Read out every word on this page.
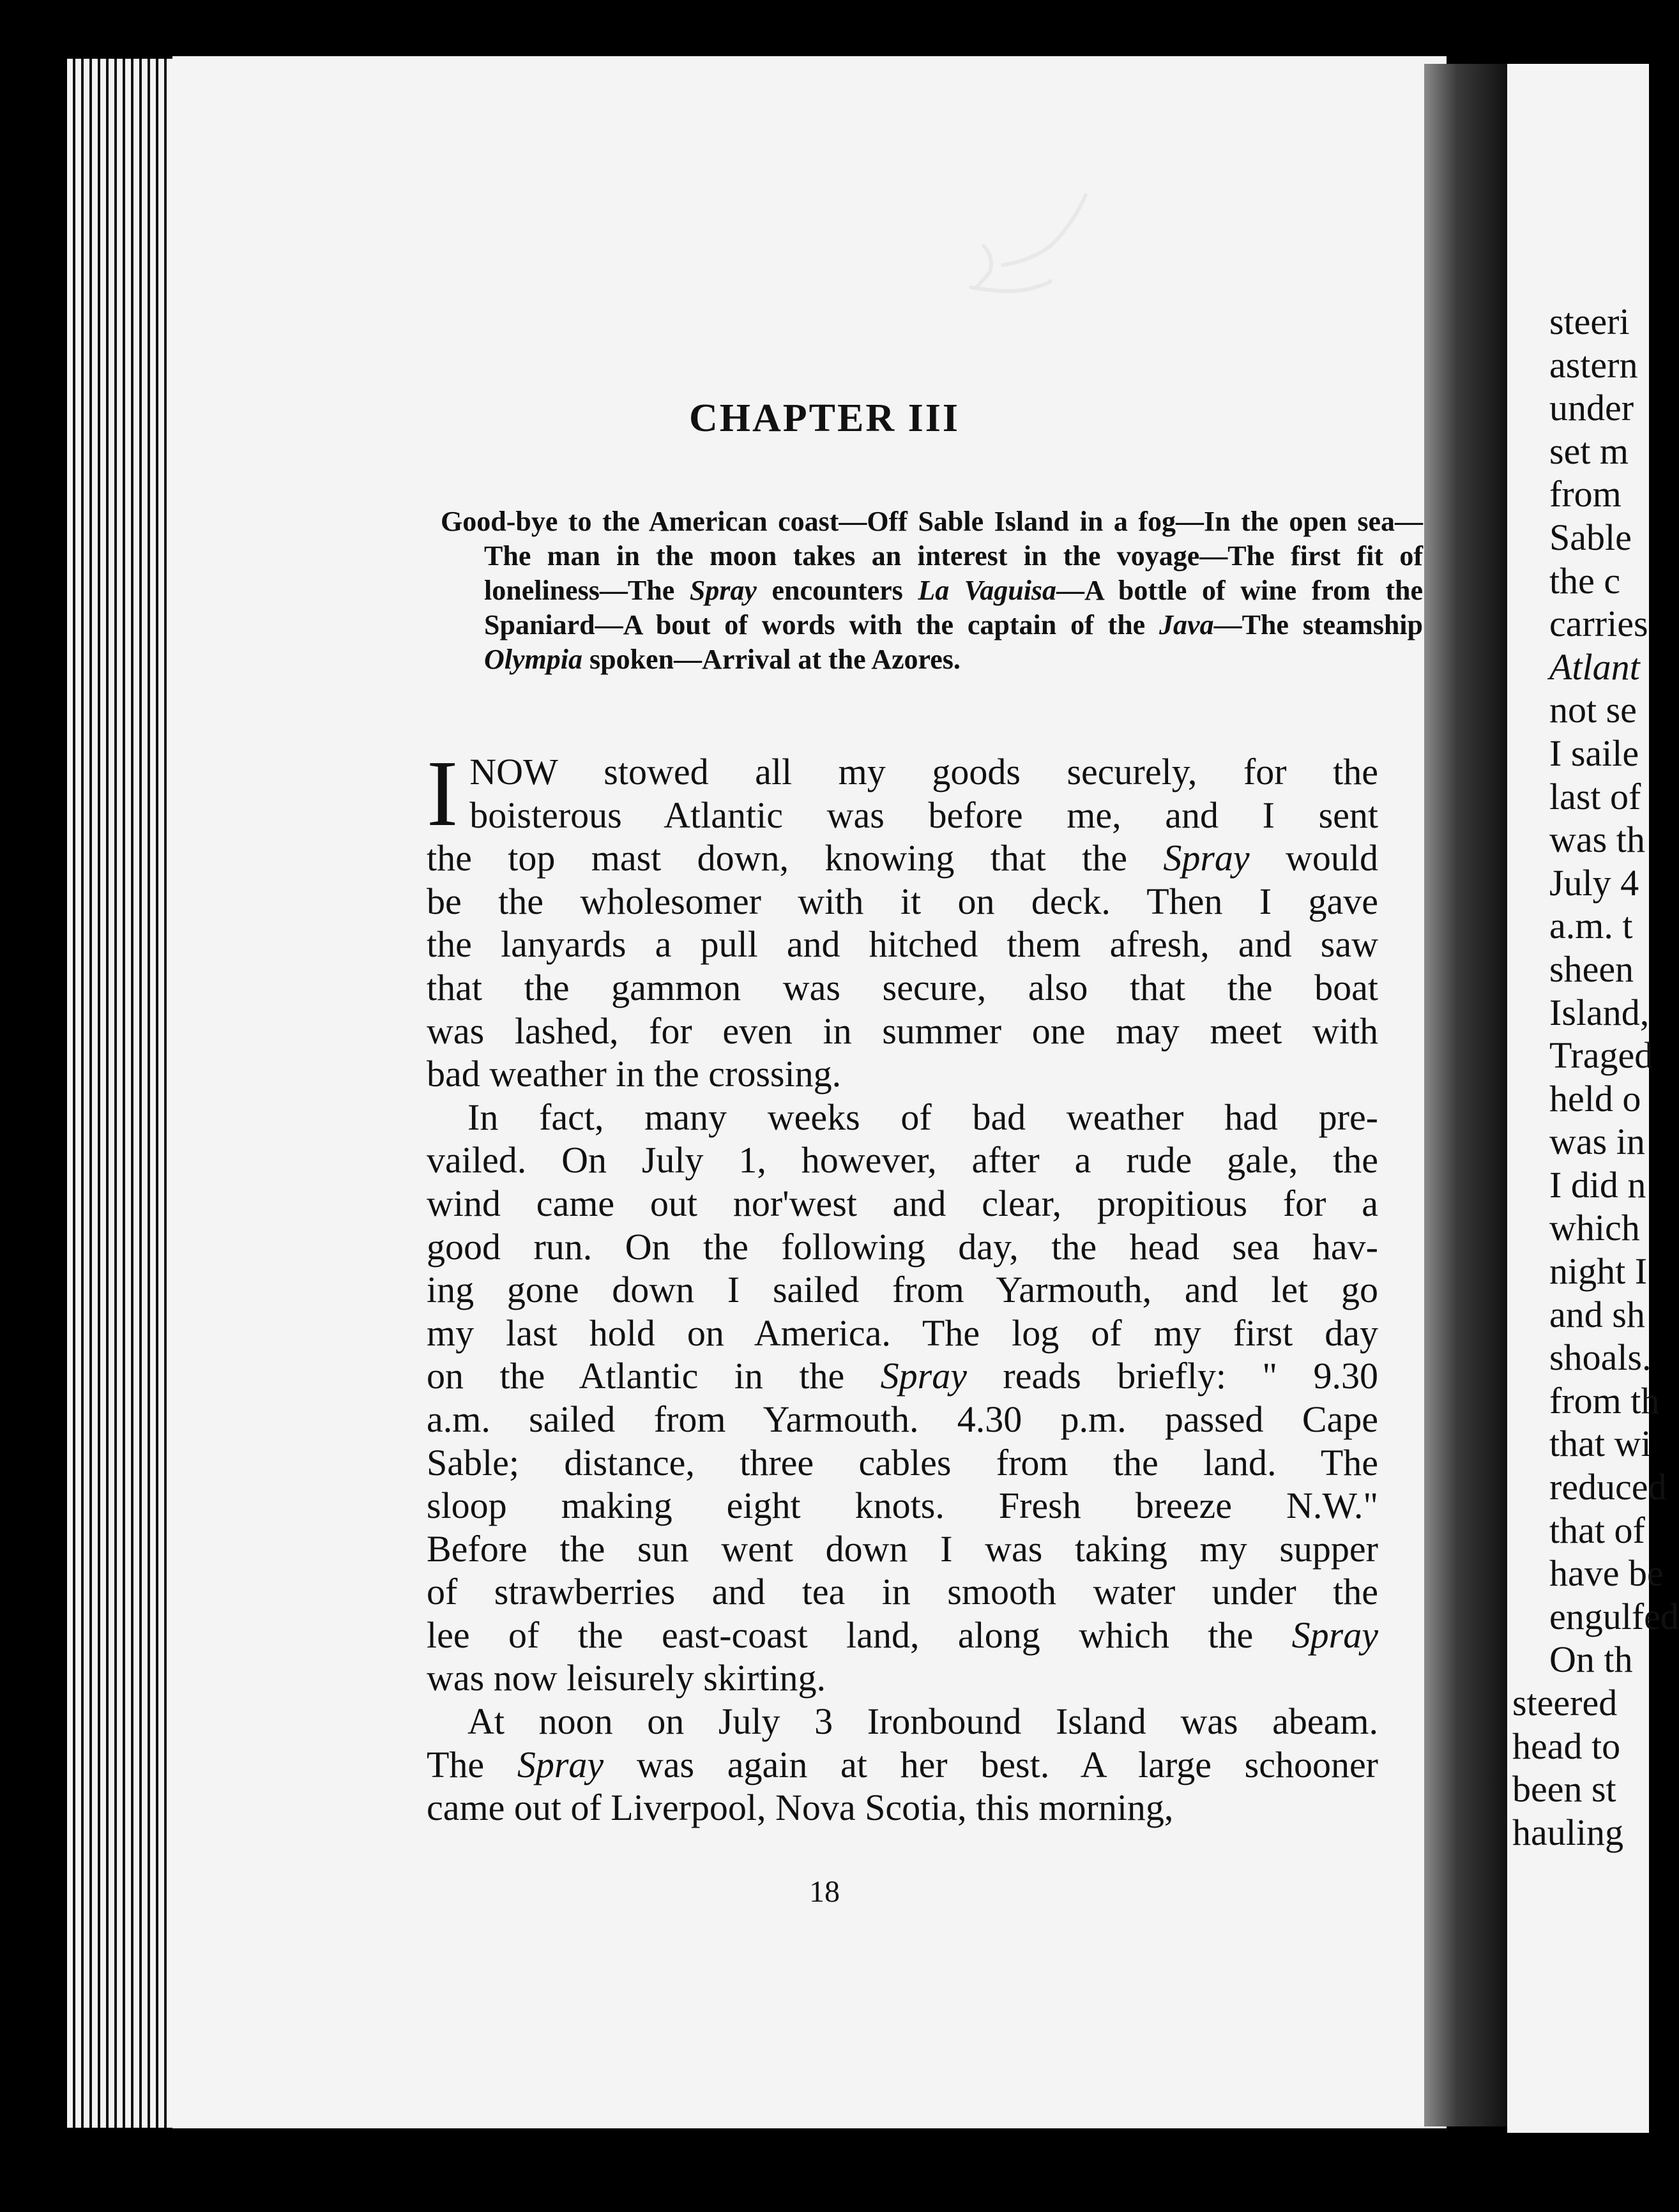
CHAPTER III
Good-bye to the American coast—Off Sable Island in a fog—In the open sea—The man in the moon takes an interest in the voyage—The first fit of loneliness—The Spray encounters La Vaguisa—A bottle of wine from the Spaniard—A bout of words with the captain of the Java—The steamship Olympia spoken—Arrival at the Azores.

I NOW stowed all my goods securely, for the
boisterous Atlantic was before me, and I sent
the top mast down, knowing that the Spray would
be the wholesomer with it on deck. Then I gave
the lanyards a pull and hitched them afresh, and saw
that the gammon was secure, also that the boat
was lashed, for even in summer one may meet with
bad weather in the crossing.

In fact, many weeks of bad weather had pre-
vailed. On July 1, however, after a rude gale, the
wind came out nor'west and clear, propitious for a
good run. On the following day, the head sea hav-
ing gone down I sailed from Yarmouth, and let go
my last hold on America. The log of my first day
on the Atlantic in the Spray reads briefly: " 9.30
a.m. sailed from Yarmouth. 4.30 p.m. passed Cape
Sable; distance, three cables from the land. The
sloop making eight knots. Fresh breeze N.W."
Before the sun went down I was taking my supper
of strawberries and tea in smooth water under the
lee of the east-coast land, along which the Spray
was now leisurely skirting.

At noon on July 3 Ironbound Island was abeam.
The Spray was again at her best. A large schooner
came out of Liverpool, Nova Scotia, this morning,

18

steeri
astern
under
set m
from
Sable
the c
carries
Atlant
not se
I saile
last of
was th
July 4
a.m. t
sheen
Island,
Traged
held o
was in
I did n
which
night I
and sh
shoals.
from th
that wi
reduced
that of
have be
engulfed
On th
steered
head to
been st
hauling
